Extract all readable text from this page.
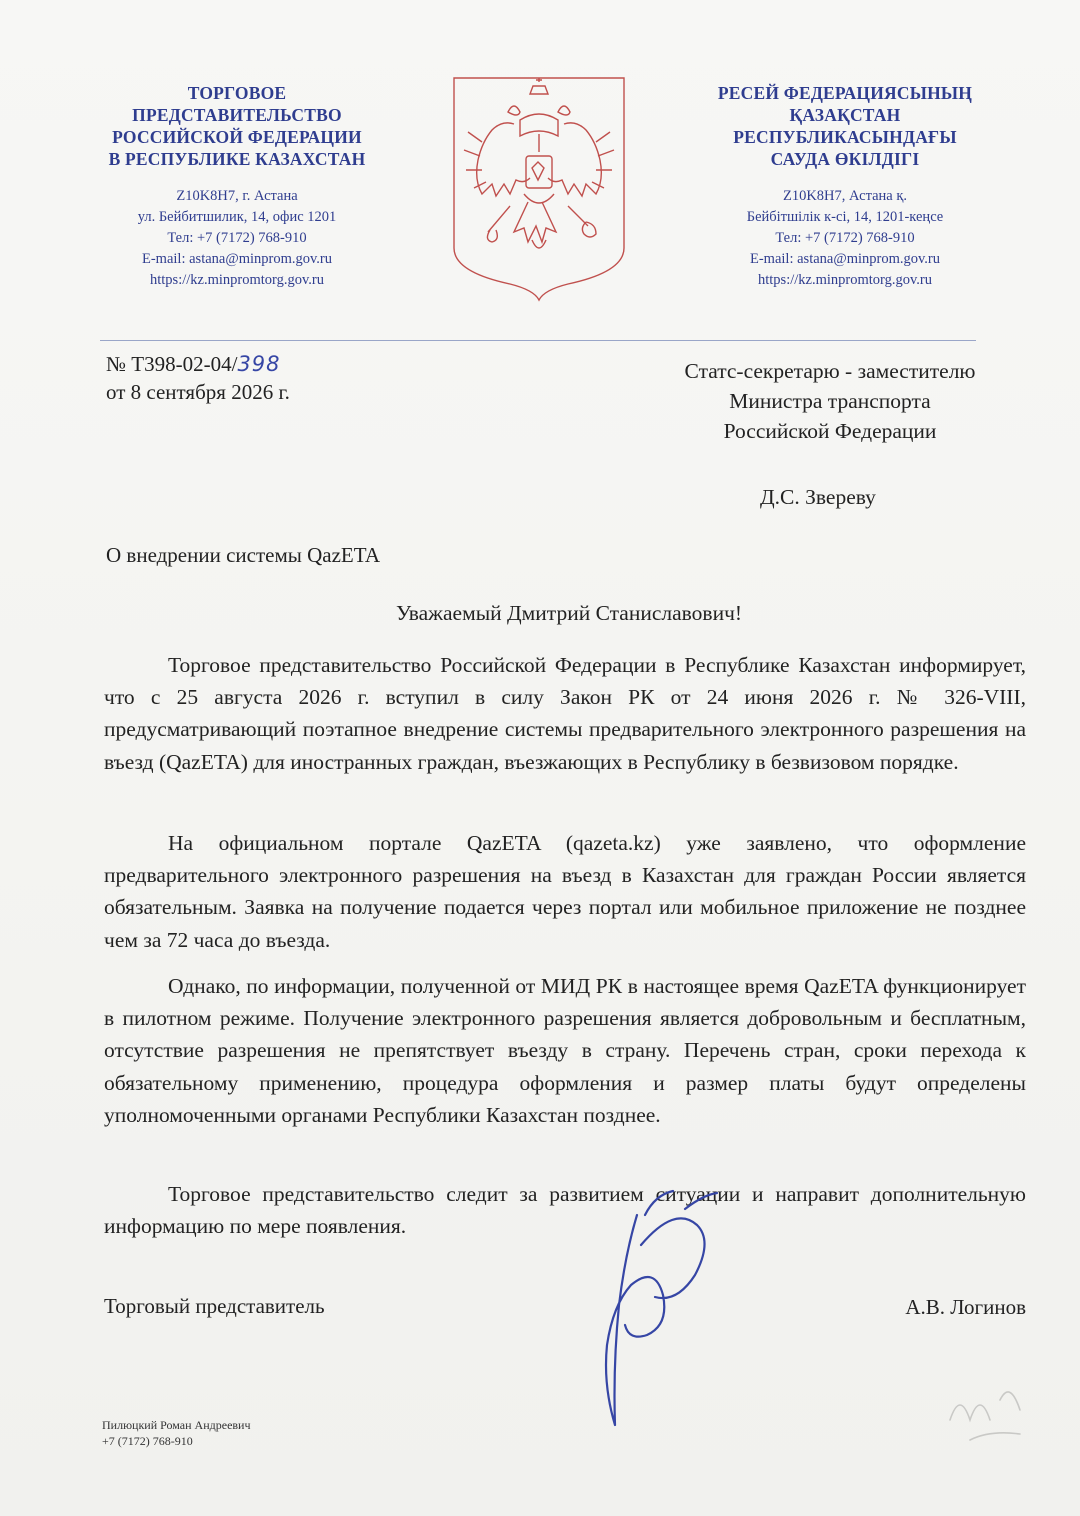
ТОРГОВОЕ
ПРЕДСТАВИТЕЛЬСТВО
РОССИЙСКОЙ ФЕДЕРАЦИИ
В РЕСПУБЛИКЕ КАЗАХСТАН
Z10K8H7, г. Астана
ул. Бейбитшилик, 14, офис 1201
Тел: +7 (7172) 768-910
E-mail: astana@minprom.gov.ru
https://kz.minpromtorg.gov.ru
РЕСЕЙ ФЕДЕРАЦИЯСЫНЫҢ
ҚАЗАҚСТАН
РЕСПУБЛИКАСЫНДАҒЫ
САУДА ӨКІЛДІГІ
Z10K8H7, Астана қ.
Бейбітшілік к-сі, 14, 1201-кеңсе
Тел: +7 (7172) 768-910
E-mail: astana@minprom.gov.ru
https://kz.minpromtorg.gov.ru
№ Т398-02-04/398
от 8 сентября 2026 г.
Статс-секретарю - заместителю
Министра транспорта
Российской Федерации
Д.С. Звереву
О внедрении системы QazETA
Уважаемый Дмитрий Станиславович!

Торговое представительство Российской Федерации в Республике Казахстан информирует, что с 25 августа 2026 г. вступил в силу Закон РК от 24 июня 2026 г. № 326-VIII, предусматривающий поэтапное внедрение системы предварительного электронного разрешения на въезд (QazETA) для иностранных граждан, въезжающих в Республику в безвизовом порядке.

На официальном портале QazETA (qazeta.kz) уже заявлено, что оформление предварительного электронного разрешения на въезд в Казахстан для граждан России является обязательным. Заявка на получение подается через портал или мобильное приложение не позднее чем за 72 часа до въезда.

Однако, по информации, полученной от МИД РК в настоящее время QazETA функционирует в пилотном режиме. Получение электронного разрешения является добровольным и бесплатным, отсутствие разрешения не препятствует въезду в страну. Перечень стран, сроки перехода к обязательному применению, процедура оформления и размер платы будут определены уполномоченными органами Республики Казахстан позднее.

Торговое представительство следит за развитием ситуации и направит дополнительную информацию по мере появления.

Торговый представитель	А.В. Логинов
Пилюцкий Роман Андреевич
+7 (7172) 768-910
